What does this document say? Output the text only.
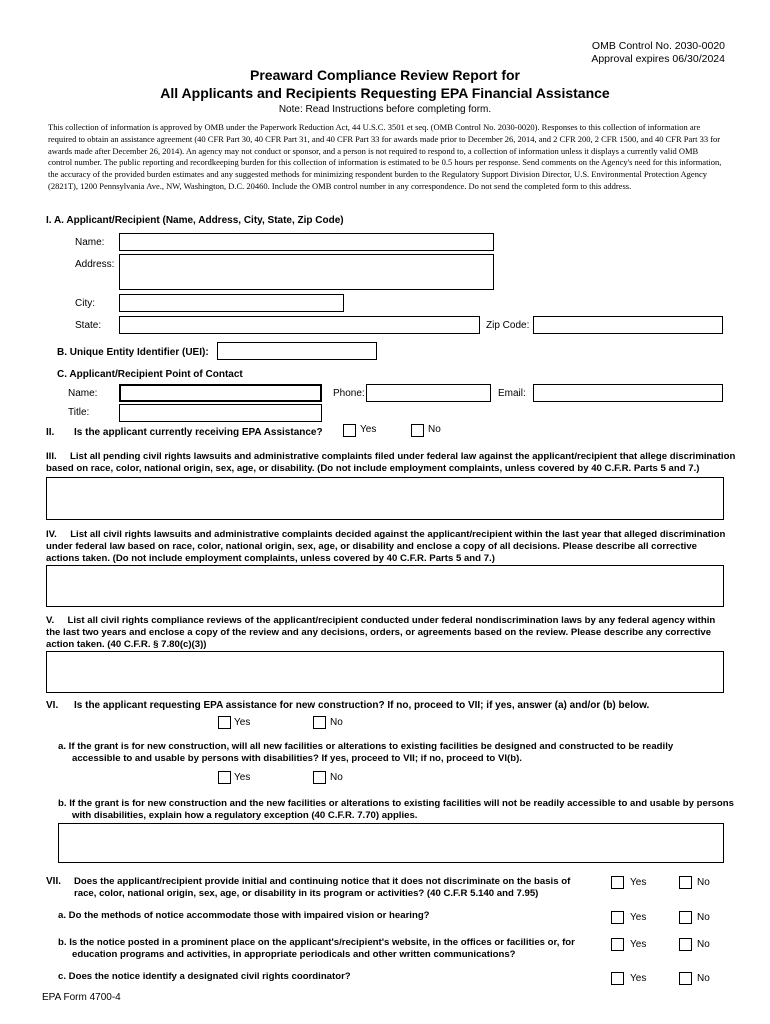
OMB Control No. 2030-0020
Approval expires 06/30/2024
Preaward Compliance Review Report for
All Applicants and Recipients Requesting EPA Financial Assistance
Note: Read Instructions before completing form.
This collection of information is approved by OMB under the Paperwork Reduction Act, 44 U.S.C. 3501 et seq. (OMB Control No. 2030-0020). Responses to this collection of information are required to obtain an assistance agreement (40 CFR Part 30, 40 CFR Part 31, and 40 CFR Part 33 for awards made prior to December 26, 2014, and 2 CFR 200, 2 CFR 1500, and 40 CFR Part 33 for awards made after December 26, 2014). An agency may not conduct or sponsor, and a person is not required to respond to, a collection of information unless it displays a currently valid OMB control number. The public reporting and recordkeeping burden for this collection of information is estimated to be 0.5 hours per response. Send comments on the Agency's need for this information, the accuracy of the provided burden estimates and any suggested methods for minimizing respondent burden to the Regulatory Support Division Director, U.S. Environmental Protection Agency (2821T), 1200 Pennsylvania Ave., NW, Washington, D.C. 20460. Include the OMB control number in any correspondence. Do not send the completed form to this address.
I. A. Applicant/Recipient (Name, Address, City, State, Zip Code)
Name:
Address:
City:
State:	Zip Code:
B. Unique Entity Identifier (UEI):
C. Applicant/Recipient Point of Contact
Name:	Phone:	Email:
Title:
II. Is the applicant currently receiving EPA Assistance?	Yes	No
III. List all pending civil rights lawsuits and administrative complaints filed under federal law against the applicant/recipient that allege discrimination based on race, color, national origin, sex, age, or disability. (Do not include employment complaints, unless covered by 40 C.F.R. Parts 5 and 7.)
IV. List all civil rights lawsuits and administrative complaints decided against the applicant/recipient within the last year that alleged discrimination under federal law based on race, color, national origin, sex, age, or disability and enclose a copy of all decisions. Please describe all corrective actions taken. (Do not include employment complaints, unless covered by 40 C.F.R. Parts 5 and 7.)
V. List all civil rights compliance reviews of the applicant/recipient conducted under federal nondiscrimination laws by any federal agency within the last two years and enclose a copy of the review and any decisions, orders, or agreements based on the review. Please describe any corrective action taken. (40 C.F.R. § 7.80(c)(3))
VI. Is the applicant requesting EPA assistance for new construction? If no, proceed to VII; if yes, answer (a) and/or (b) below.
Yes	No
a. If the grant is for new construction, will all new facilities or alterations to existing facilities be designed and constructed to be readily accessible to and usable by persons with disabilities? If yes, proceed to VII; if no, proceed to VI(b).
Yes	No
b. If the grant is for new construction and the new facilities or alterations to existing facilities will not be readily accessible to and usable by persons with disabilities, explain how a regulatory exception (40 C.F.R. 7.70) applies.
VII. Does the applicant/recipient provide initial and continuing notice that it does not discriminate on the basis of race, color, national origin, sex, age, or disability in its program or activities? (40 C.F.R 5.140 and 7.95)
Yes	No
a. Do the methods of notice accommodate those with impaired vision or hearing?	Yes	No
b. Is the notice posted in a prominent place on the applicant's/recipient's website, in the offices or facilities or, for education programs and activities, in appropriate periodicals and other written communications?
Yes	No
c. Does the notice identify a designated civil rights coordinator?	Yes	No
EPA Form 4700-4
